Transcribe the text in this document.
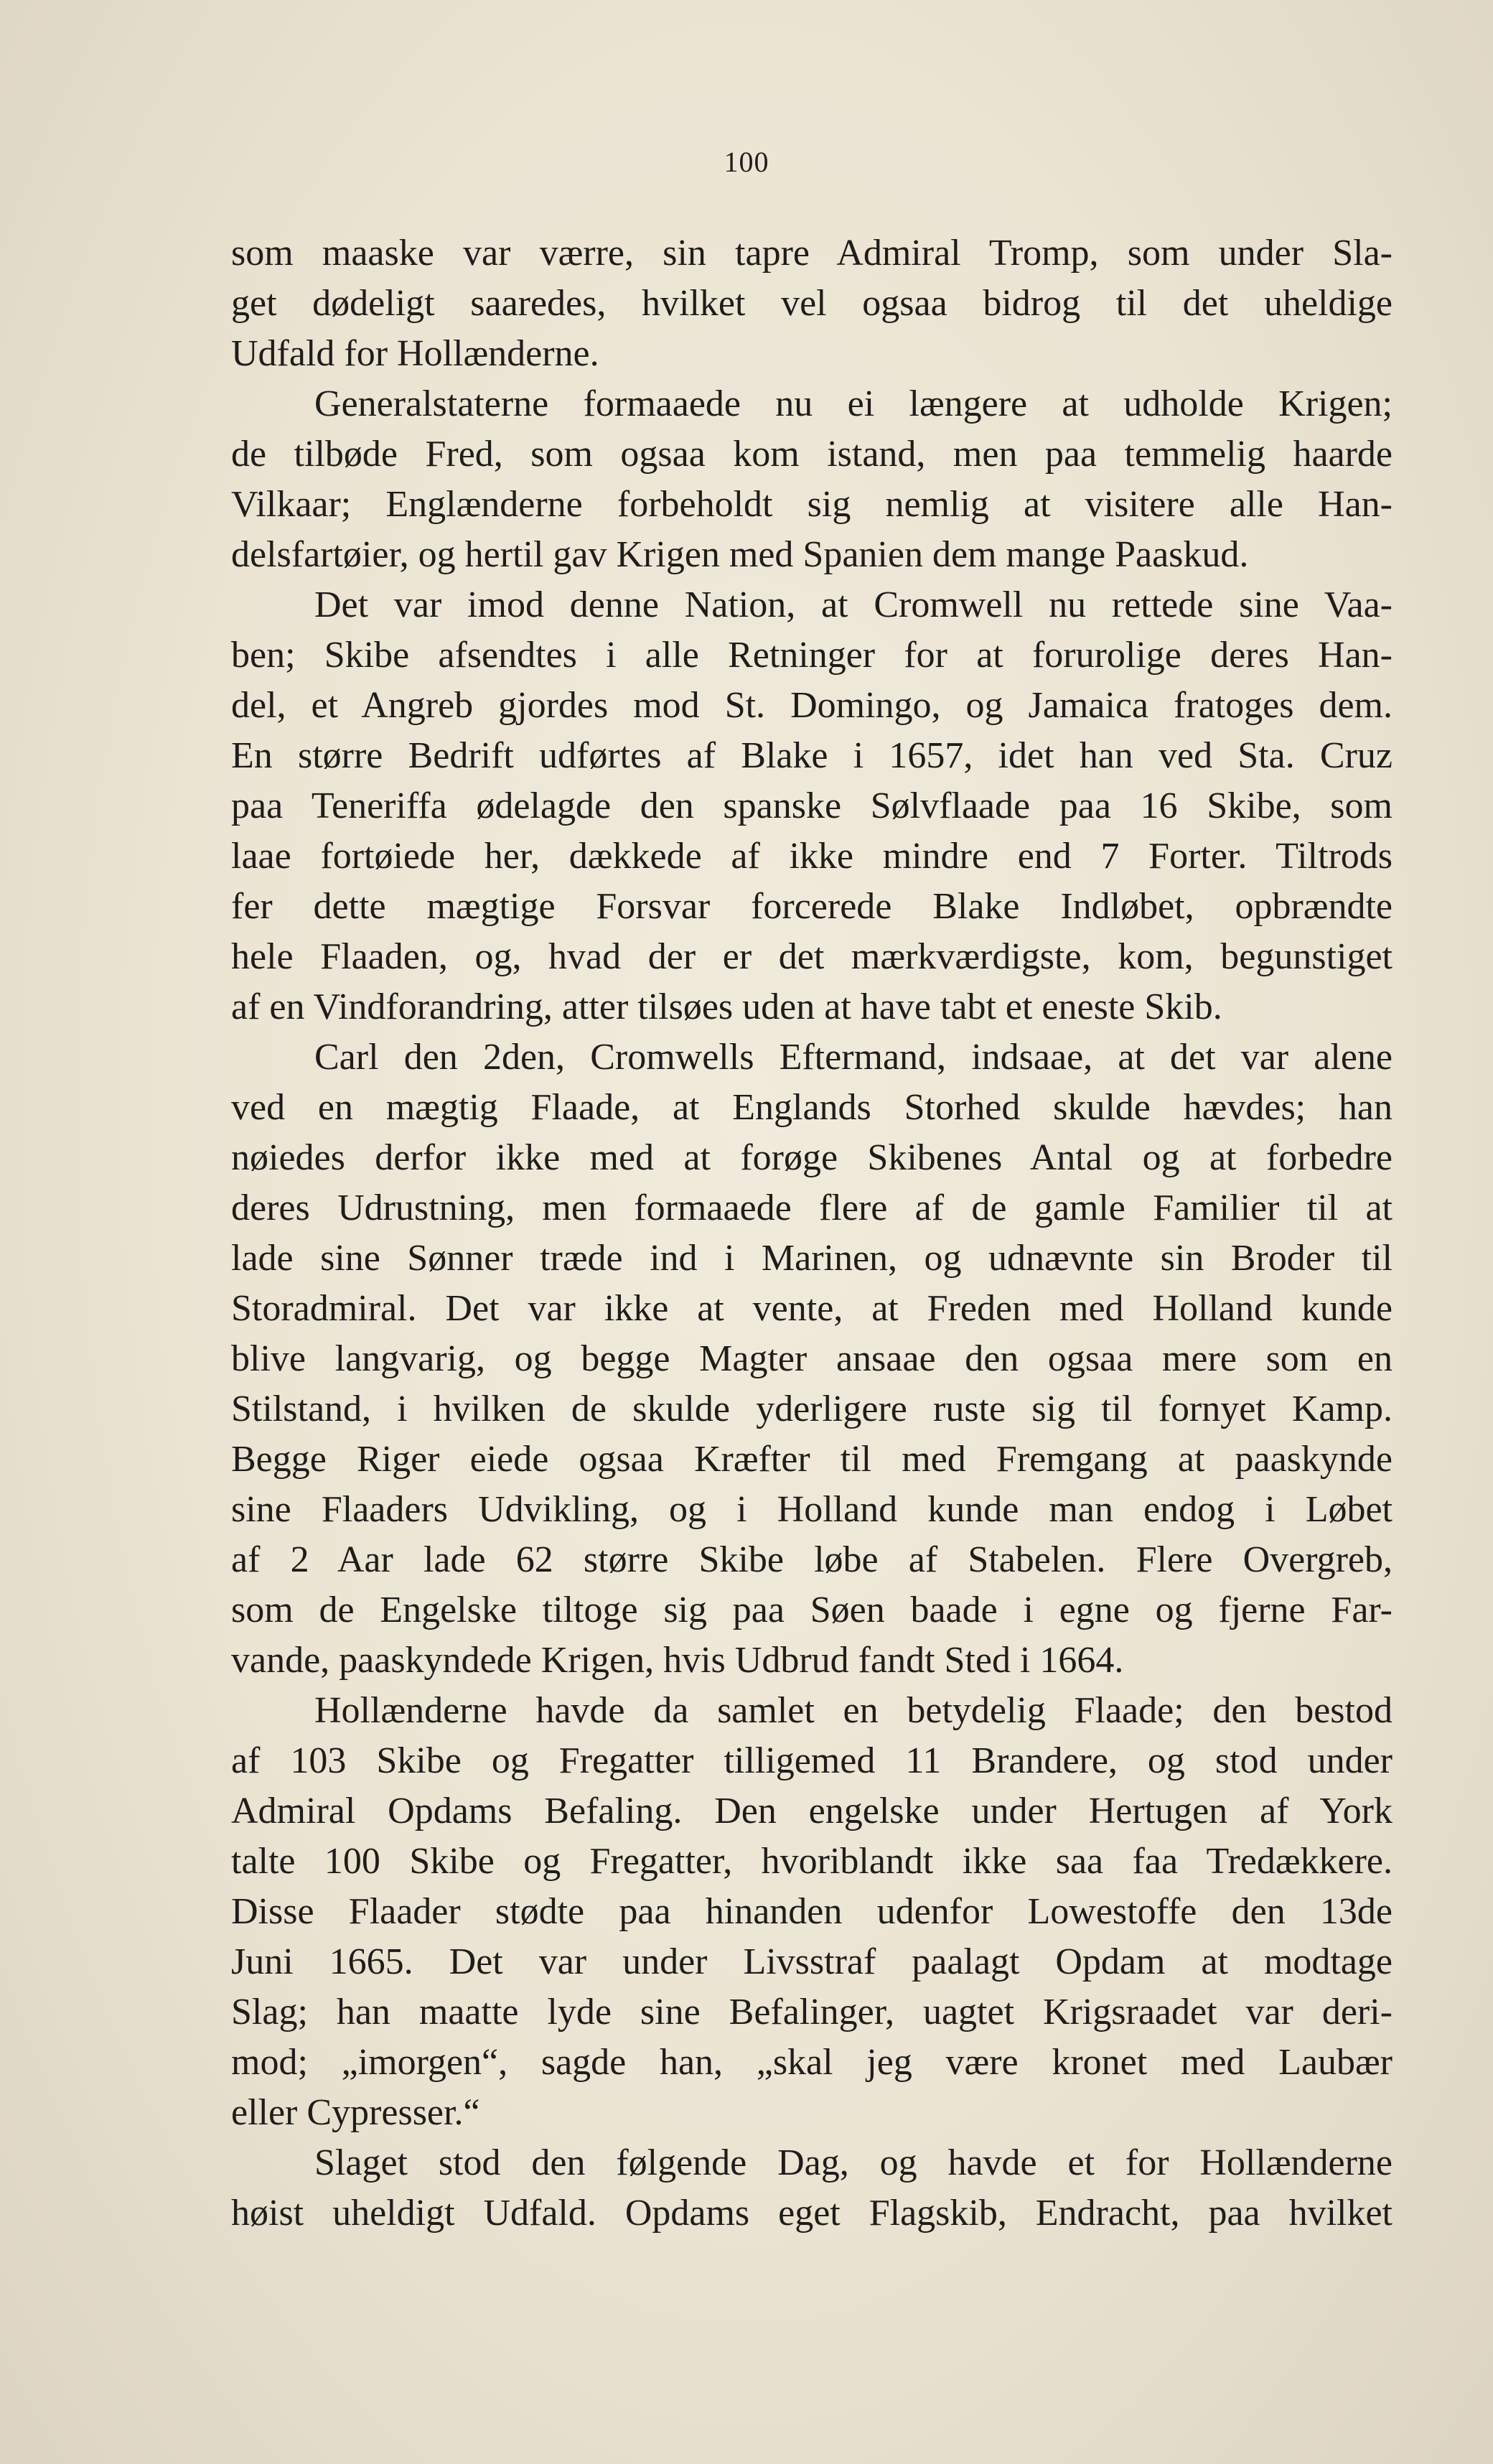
100
som maaske var værre, sin tapre Admiral Tromp, som under Sla-
get dødeligt saaredes, hvilket vel ogsaa bidrog til det uheldige
Udfald for Hollænderne.
Generalstaterne formaaede nu ei længere at udholde Krigen;
de tilbøde Fred, som ogsaa kom istand, men paa temmelig haarde
Vilkaar; Englænderne forbeholdt sig nemlig at visitere alle Han-
delsfartøier, og hertil gav Krigen med Spanien dem mange Paaskud.
Det var imod denne Nation, at Cromwell nu rettede sine Vaa-
ben; Skibe afsendtes i alle Retninger for at forurolige deres Han-
del, et Angreb gjordes mod St. Domingo, og Jamaica fratoges dem.
En større Bedrift udførtes af Blake i 1657, idet han ved Sta. Cruz
paa Teneriffa ødelagde den spanske Sølvflaade paa 16 Skibe, som
laae fortøiede her, dækkede af ikke mindre end 7 Forter. Tiltrods
fer dette mægtige Forsvar forcerede Blake Indløbet, opbrændte
hele Flaaden, og, hvad der er det mærkværdigste, kom, begunstiget
af en Vindforandring, atter tilsøes uden at have tabt et eneste Skib.
Carl den 2den, Cromwells Eftermand, indsaae, at det var alene
ved en mægtig Flaade, at Englands Storhed skulde hævdes; han
nøiedes derfor ikke med at forøge Skibenes Antal og at forbedre
deres Udrustning, men formaaede flere af de gamle Familier til at
lade sine Sønner træde ind i Marinen, og udnævnte sin Broder til
Storadmiral. Det var ikke at vente, at Freden med Holland kunde
blive langvarig, og begge Magter ansaae den ogsaa mere som en
Stilstand, i hvilken de skulde yderligere ruste sig til fornyet Kamp.
Begge Riger eiede ogsaa Kræfter til med Fremgang at paaskynde
sine Flaaders Udvikling, og i Holland kunde man endog i Løbet
af 2 Aar lade 62 større Skibe løbe af Stabelen. Flere Overgreb,
som de Engelske tiltoge sig paa Søen baade i egne og fjerne Far-
vande, paaskyndede Krigen, hvis Udbrud fandt Sted i 1664.
Hollænderne havde da samlet en betydelig Flaade; den bestod
af 103 Skibe og Fregatter tilligemed 11 Brandere, og stod under
Admiral Opdams Befaling. Den engelske under Hertugen af York
talte 100 Skibe og Fregatter, hvoriblandt ikke saa faa Tredækkere.
Disse Flaader stødte paa hinanden udenfor Lowestoffe den 13de
Juni 1665. Det var under Livsstraf paalagt Opdam at modtage
Slag; han maatte lyde sine Befalinger, uagtet Krigsraadet var deri-
mod; „imorgen“, sagde han, „skal jeg være kronet med Laubær
eller Cypresser.“
Slaget stod den følgende Dag, og havde et for Hollænderne
høist uheldigt Udfald. Opdams eget Flagskib, Endracht, paa hvilket
